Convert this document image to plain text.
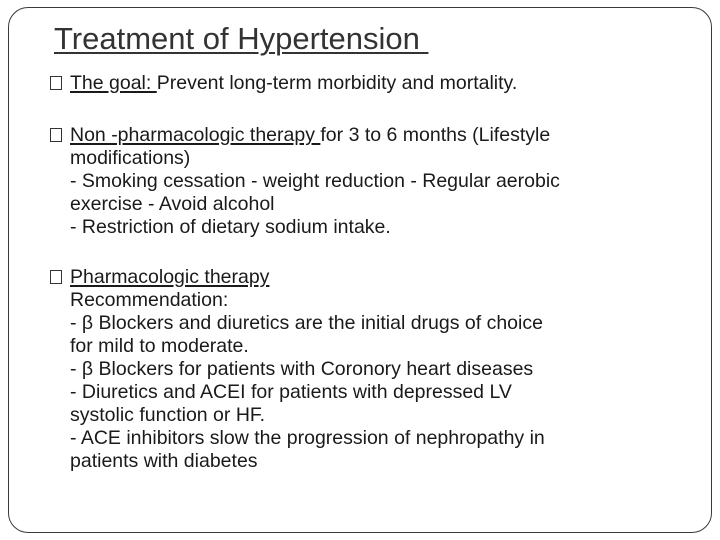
Treatment of Hypertension
The goal: Prevent long-term morbidity and mortality.
Non -pharmacologic therapy for 3 to 6 months (Lifestyle
modifications)
- Smoking cessation - weight reduction - Regular aerobic
exercise - Avoid alcohol
- Restriction of dietary sodium intake.
Pharmacologic therapy
Recommendation:
- β Blockers and diuretics are the initial drugs of choice
for mild to moderate.
- β Blockers for patients with Coronory heart diseases
- Diuretics and ACEI for patients with depressed LV
systolic function or HF.
- ACE inhibitors slow the progression of nephropathy in
patients with diabetes
